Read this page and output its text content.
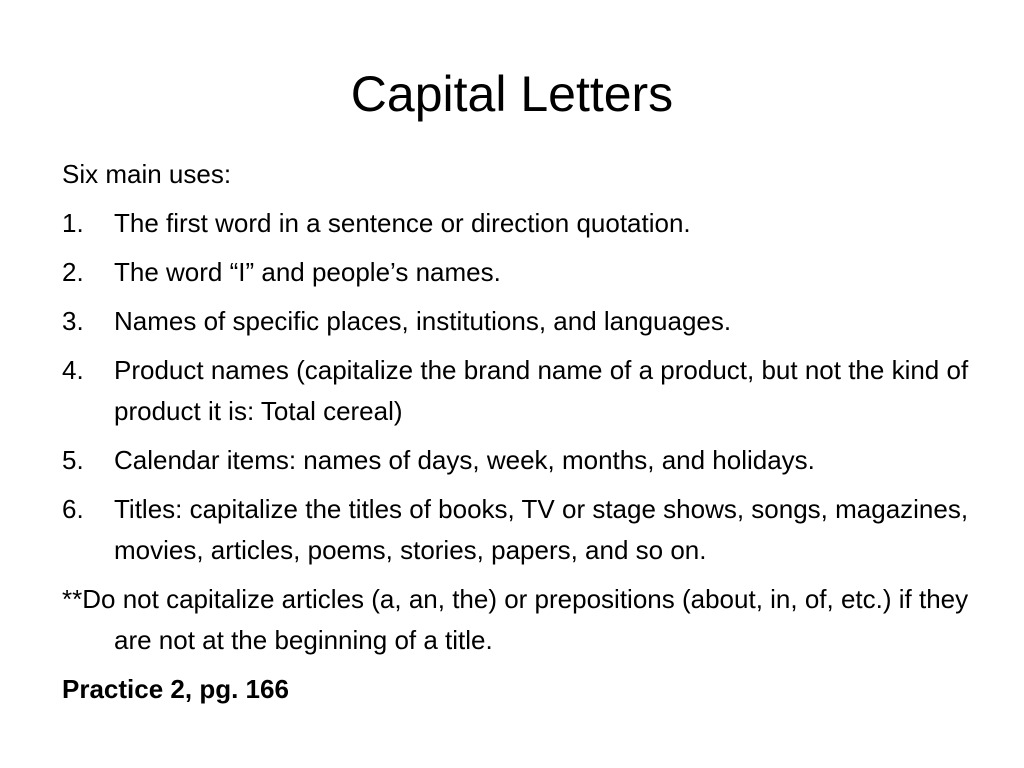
Capital Letters
Six main uses:
1.	The first word in a sentence or direction quotation.
2.	The word “I” and people’s names.
3.	Names of specific places, institutions, and languages.
4.	Product names (capitalize the brand name of a product, but not the kind of product it is: Total cereal)
5.	Calendar items: names of days, week, months, and holidays.
6.	Titles: capitalize the titles of books, TV or stage shows, songs, magazines, movies, articles, poems, stories, papers, and so on.
**Do not capitalize articles (a, an, the) or prepositions (about, in, of, etc.) if they are not at the beginning of a title.
Practice 2, pg. 166
